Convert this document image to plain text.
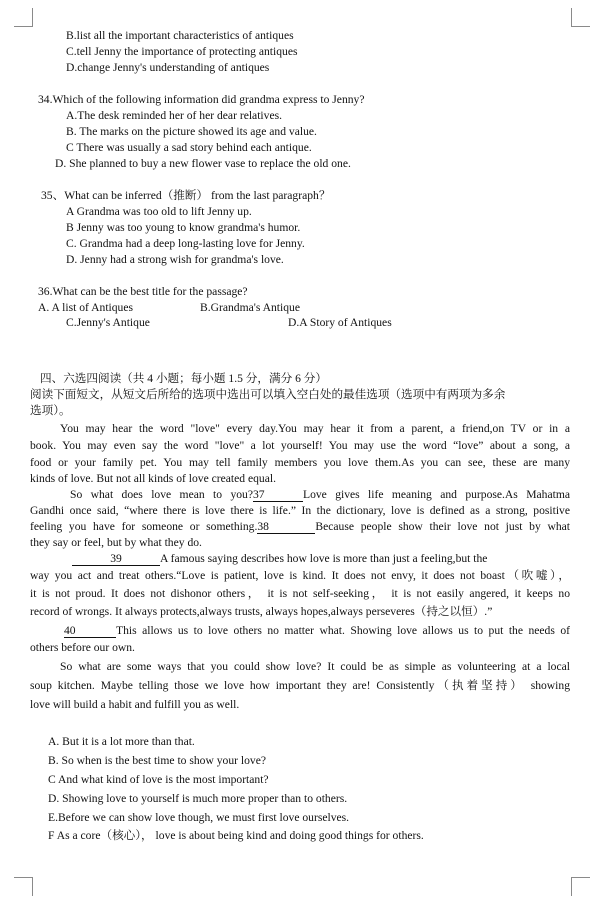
B.list all the important characteristics of antiques
C.tell Jenny the importance of protecting antiques
D.change Jenny's understanding of antiques
34.Which of the following information did grandma express to Jenny?
A.The desk reminded her of her dear relatives.
B. The marks on the picture showed its age and value.
C There was usually a sad story behind each antique.
D. She planned to buy a new flower vase to replace the old one.
35、What can be inferred（推断） from the last paragraph？
A Grandma was too old to lift Jenny up.
B Jenny was too young to know grandma's humor.
C. Grandma had a deep long-lasting love for Jenny.
D. Jenny had a strong wish for grandma's love.
36.What can be the best title for the passage?
A. A list of Antiques	B.Grandma's Antique
C.Jenny's Antique	D.A Story of Antiques
四、六选四阅读（共 4 小题；每小题 1.5 分，满分 6 分）
阅读下面短文，从短文后所给的选项中选出可以填入空白处的最佳选项（选项中有两项为多余
选项）。
You may hear the word "love" every day.You may hear it from a parent, a friend,on TV or in a
book. You may even say the word "love" a lot yourself! You may use the word “love” about a song, a
food or your family pet. You may tell family members you love them.As you can see, these are many
kinds of love. But not all kinds of love created equal.
So what does love mean to you?37	Love gives life meaning and purpose.As Mahatma
Gandhi once said, “where there is love there is life.” In the dictionary, love is defined as a strong, positive
feeling you have for someone or something.38	Because people show their love not just by what
they say or feel, but by what they do.
39	A famous saying describes how love is more than just a feeling,but the
way you act and treat others.“Love is patient, love is kind. It does not envy, it does not boast（吹嘘），
it is not proud. It does not dishonor others， it is not self-seeking， it is not easily angered, it keeps no
record of wrongs. It always protects,always trusts, always hopes,always perseveres（持之以恒）.”
40	This allows us to love others no matter what. Showing love allows us to put the needs of
others before our own.
So what are some ways that you could show love? It could be as simple as volunteering at a local
soup kitchen. Maybe telling those we love how important they are! Consistently（执着坚持） showing
love will build a habit and fulfill you as well.
A. But it is a lot more than that.
B. So when is the best time to show your love?
C And what kind of love is the most important?
D. Showing love to yourself is much more proper than to others.
E.Before we can show love though, we must first love ourselves.
F As a core（核心）， love is about being kind and doing good things for others.
